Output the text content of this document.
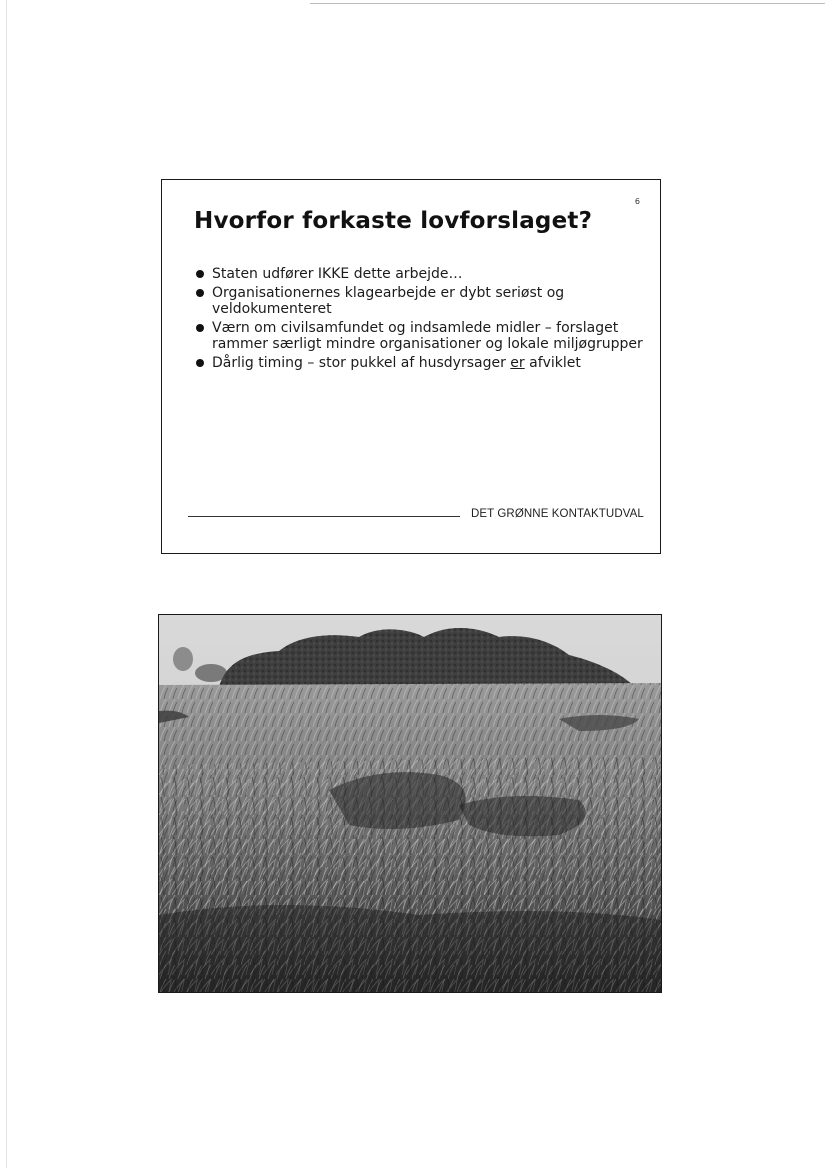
6
Hvorfor forkaste lovforslaget?
Staten udfører IKKE dette arbejde…
Organisationernes klagearbejde er dybt seriøst og veldokumenteret
Værn om civilsamfundet og indsamlede midler – forslaget rammer særligt mindre organisationer og lokale miljøgrupper
Dårlig timing – stor pukkel af husdyrsager er afviklet
DET GRØNNE KONTAKTUDVAL
